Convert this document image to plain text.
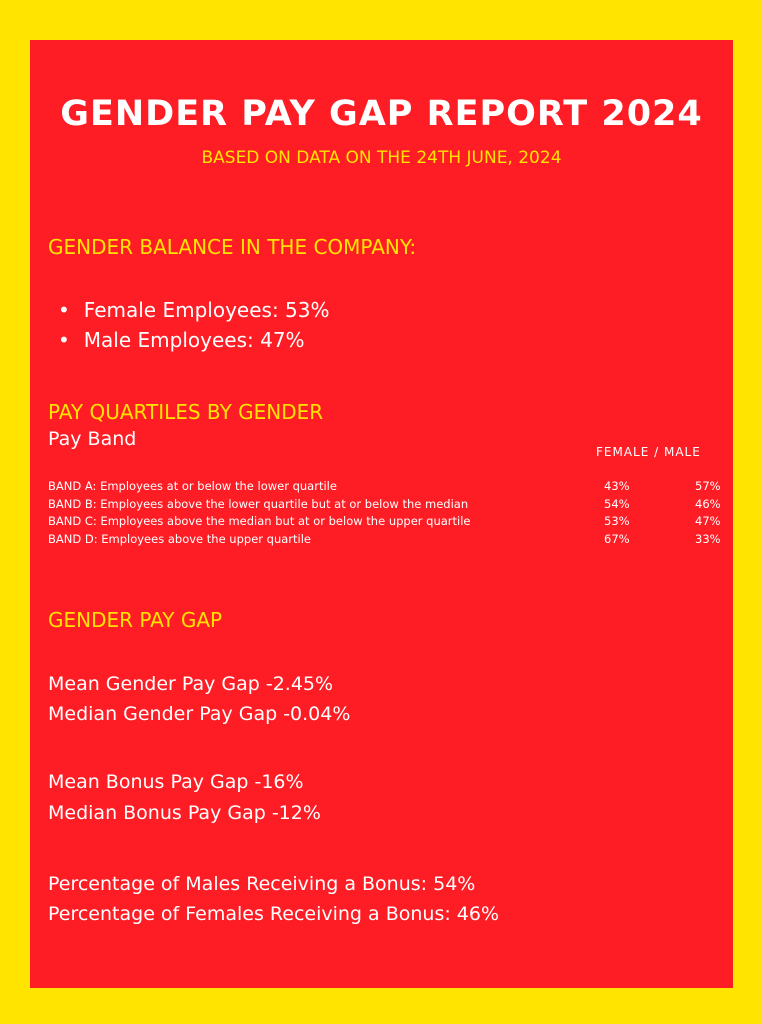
GENDER PAY GAP REPORT 2024
BASED ON DATA ON THE 24TH JUNE, 2024
GENDER BALANCE IN THE COMPANY:
• Female Employees: 53%
• Male Employees: 47%
PAY QUARTILES BY GENDER
Pay Band
FEMALE / MALE
BAND A: Employees at or below the lower quartile	43%	57%
BAND B: Employees above the lower quartile but at or below the median	54%	46%
BAND C: Employees above the median but at or below the upper quartile	53%	47%
BAND D: Employees above the upper quartile	67%	33%
GENDER PAY GAP
Mean Gender Pay Gap -2.45%
Median Gender Pay Gap -0.04%
Mean Bonus Pay Gap -16%
Median Bonus Pay Gap -12%
Percentage of Males Receiving a Bonus: 54%
Percentage of Females Receiving a Bonus: 46%
